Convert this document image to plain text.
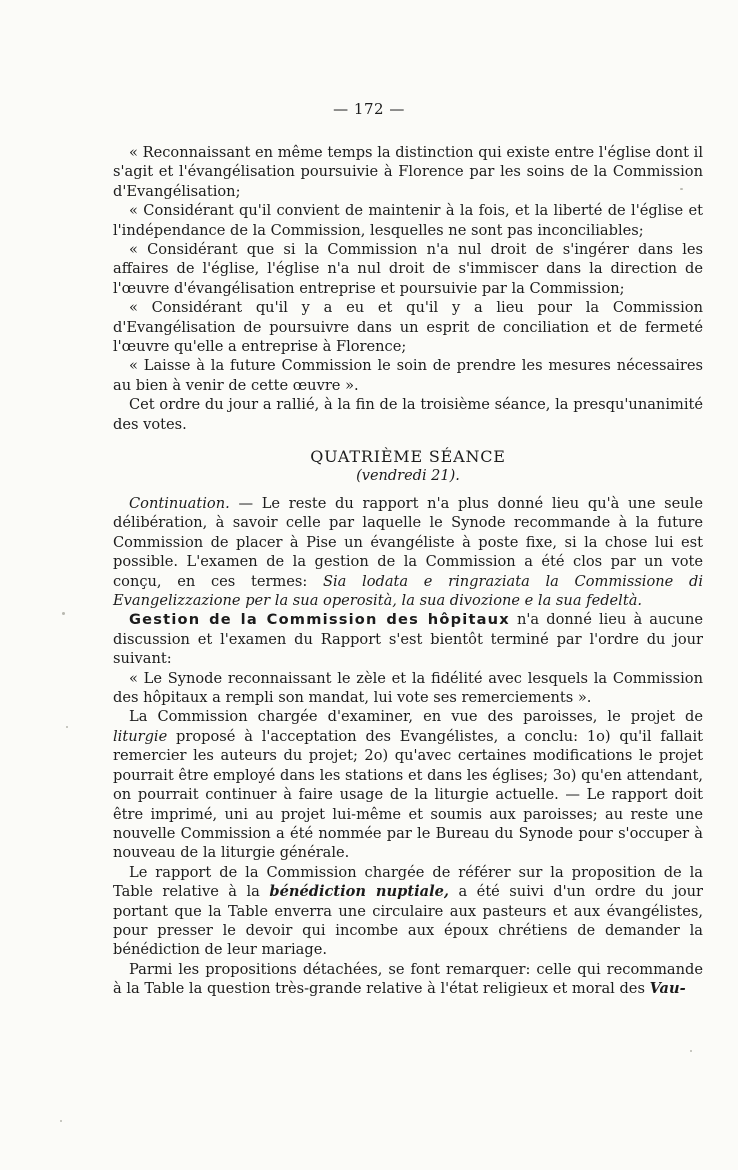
— 172 —

« Reconnaissant en même temps la distinction qui existe entre l'église dont il s'agit et l'évangélisation poursuivie à Florence par les soins de la Commission d'Evangélisation;

« Considérant qu'il convient de maintenir à la fois, et la liberté de l'église et l'indépendance de la Commission, lesquelles ne sont pas inconciliables;

« Considérant que si la Commission n'a nul droit de s'ingérer dans les affaires de l'église, l'église n'a nul droit de s'immiscer dans la direction de l'œuvre d'évangélisation entreprise et poursuivie par la Commission;

« Considérant qu'il y a eu et qu'il y a lieu pour la Commission d'Evangélisation de poursuivre dans un esprit de conciliation et de fermeté l'œuvre qu'elle a entreprise à Florence;

« Laisse à la future Commission le soin de prendre les mesures nécessaires au bien à venir de cette œuvre ».

Cet ordre du jour a rallié, à la fin de la troisième séance, la presqu'unanimité des votes.

QUATRIÈME SÉANCE
(vendredi 21).

Continuation. — Le reste du rapport n'a plus donné lieu qu'à une seule délibération, à savoir celle par laquelle le Synode recommande à la future Commission de placer à Pise un évangéliste à poste fixe, si la chose lui est possible. L'examen de la gestion de la Commission a été clos par un vote conçu, en ces termes: Sia lodata e ringraziata la Commissione di Evangelizzazione per la sua operosità, la sua divozione e la sua fedeltà.

Gestion de la Commission des hôpitaux n'a donné lieu à aucune discussion et l'examen du Rapport s'est bientôt terminé par l'ordre du jour suivant:

« Le Synode reconnaissant le zèle et la fidélité avec lesquels la Commission des hôpitaux a rempli son mandat, lui vote ses remerciements ».

La Commission chargée d'examiner, en vue des paroisses, le projet de liturgie proposé à l'acceptation des Evangélistes, a conclu: 1o) qu'il fallait remercier les auteurs du projet; 2o) qu'avec certaines modifications le projet pourrait être employé dans les stations et dans les églises; 3o) qu'en attendant, on pourrait continuer à faire usage de la liturgie actuelle. — Le rapport doit être imprimé, uni au projet lui-même et soumis aux paroisses; au reste une nouvelle Commission a été nommée par le Bureau du Synode pour s'occuper à nouveau de la liturgie générale.

Le rapport de la Commission chargée de référer sur la proposition de la Table relative à la bénédiction nuptiale, a été suivi d'un ordre du jour portant que la Table enverra une circulaire aux pasteurs et aux évangélistes, pour presser le devoir qui incombe aux époux chrétiens de demander la bénédiction de leur mariage.

Parmi les propositions détachées, se font remarquer: celle qui recommande à la Table la question très-grande relative à l'état religieux et moral des Vau-
